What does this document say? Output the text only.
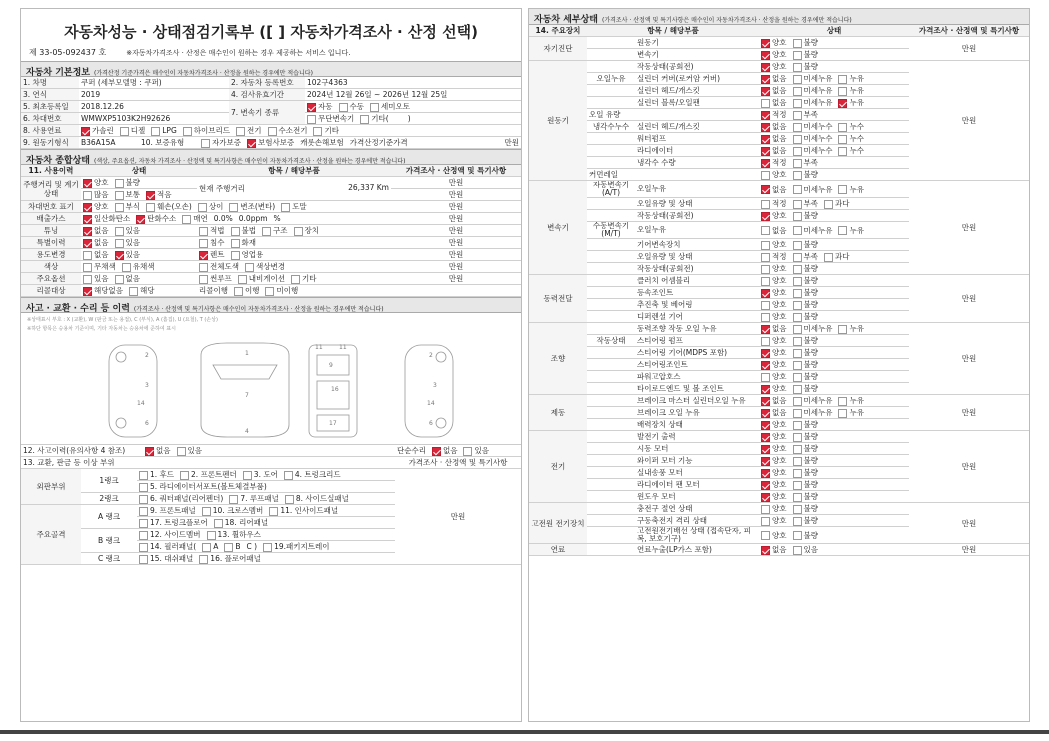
자동차성능 · 상태점검기록부 ([ ] 자동차가격조사 · 산정 선택)
제 33-05-092437 호	※자동차가격조사 · 산정은 매수인이 원하는 경우 제공하는 서비스 입니다.
자동차 기본정보 (가격산정 기준가격은 매수인이 자동차가격조사 · 산정을 원하는 경우에만 적습니다)
1. 차명	쿠퍼 (세부모델명 : 쿠퍼)	2. 자동차 등록번호	102구4363
3. 연식	2019	4. 검사유효기간	2024년 12월 26일 ~ 2026년 12월 25일
5. 최초등록일	2018.12.26	7. 변속기 종류	자동 수동 세미오토
6. 차대번호	WMWXP5103K2H92626		무단변속기 기타( )
8. 사용연료	가솔린 디젤 LPG 하이브리드 전기 수소전기 기타		
9. 원동기형식	B36A15A 10. 보증유형 자가보증 보험사보증 캐롯손해보험 가격산정기준가격 만원		
자동차 종합상태 (색상, 주요옵션, 자동차 가격조사 · 산정액 및 특기사항은 매수인이 자동차가격조사 · 산정을 원하는 경우에만 적습니다)
11. 사용이력	상태	항목 / 해당부품	가격조사 · 산정액 및 특기사항
주행거리 및 계기상태	양호 불량	현재 주행거리 26,337 Km	만원
	많음 보통 적음		만원
차대번호 표기	양호 부식 훼손(오손) 상이 변조(변타) 도말		만원
배출가스	일산화탄소 탄화수소 매연 0.0% 0.0ppm %		만원
튜닝	없음 있음	적법 불법 구조 장치	만원
특별이력	없음 있음	침수 화재	만원
용도변경	없음 있음	렌트 영업용	만원
색상	무채색 유채색	전체도색 색상변경	만원
주요옵션	있음 없음	썬루프 내비게이션 기타	만원
리콜대상	해당없음 해당	리콜이행 이행 미이행	
사고 · 교환 · 수리 등 이력 (가격조사 · 산정액 및 특기사항은 매수인이 자동차가격조사 · 산정을 원하는 경우에만 적습니다)
※상태표시 부호 : X (교환), W (판금 또는 용접), C (부식), A (흠집), U (요철), T (손상)
※하단 항목은 승용차 기준이며, 기타 자동차는 승용차에 준하여 표시
2
3
14
6
1
7
4
11	11
9
16
17
2
3
14
6
12. 사고이력(유의사항 4 참조) 없음 있음			단순수리 없음 있음
13. 교환, 판금 등 이상 부위			가격조사 · 산정액 및 특기사항
외판부위	1랭크	1. 후드 2. 프론트펜더 3. 도어 4. 트렁크리드	만원
		5. 라디에이터서포트(볼트체결부품)	
	2랭크	6. 쿼터패널(리어펜더) 7. 루프패널 8. 사이드실패널	
주요골격	A 랭크	9. 프론트패널 10. 크로스멤버 11. 인사이드패널	
		17. 트렁크플로어 18. 리어패널	
	B 랭크	12. 사이드멤버 13. 휠하우스	
		14. 필러패널( A B C ) 19.패키지트레이	
	C 랭크	15. 대쉬패널 16. 플로어패널	
자동차 세부상태 (가격조사 · 산정액 및 특기사항은 매수인이 자동차가격조사 · 산정을 원하는 경우에만 적습니다)
14. 주요장치	항목 / 해당부품		상태	가격조사 · 산정액 및 특기사항
자기진단		원동기	양호 불량	만원
		변속기	양호 불량	
원동기		작동상태(공회전)	양호 불량	만원
	오일누유	실린더 커버(로커암 커버)	없음 미세누유 누유	
		실린더 헤드/개스킷	없음 미세누유 누유	
		실린더 블록/오일팬	없음 미세누유 누유	
	오일 유량		적정 부족	
	냉각수누수	실린더 헤드/개스킷	없음 미세누수 누수	
		워터펌프	없음 미세누수 누수	
		라디에이터	없음 미세누수 누수	
		냉각수 수량	적정 부족	
	커먼레일		양호 불량	
변속기	자동변속기 (A/T)	오일누유	없음 미세누유 누유	만원
		오일유량 및 상태	적정 부족 과다	
		작동상태(공회전)	양호 불량	
	수동변속기 (M/T)	오일누유	없음 미세누유 누유	
		기어변속장치	양호 불량	
		오일유량 및 상태	적정 부족 과다	
		작동상태(공회전)	양호 불량	
동력전달		클러치 어셈블리	양호 불량	만원
		등속조인트	양호 불량	
		추진축 및 베어링	양호 불량	
		디퍼렌셜 기어	양호 불량	
조향		동력조향 작동 오일 누유	없음 미세누유 누유	만원
	작동상태	스티어링 펌프	양호 불량	
		스티어링 기어(MDPS 포함)	양호 불량	
		스티어링조인트	양호 불량	
		파워고압호스	양호 불량	
		타이로드엔드 및 볼 조인트	양호 불량	
제동		브레이크 마스터 실린더오일 누유	없음 미세누유 누유	만원
		브레이크 오일 누유	없음 미세누유 누유	
		배력장치 상태	양호 불량	
전기		발전기 출력	양호 불량	만원
		시동 모터	양호 불량	
		와이퍼 모터 기능	양호 불량	
		실내송풍 모터	양호 불량	
		라디에이터 팬 모터	양호 불량	
		윈도우 모터	양호 불량	
고전원 전기장치		충전구 절연 상태	양호 불량	만원
		구동축전지 격리 상태	양호 불량	
		고전원전기배선 상태 (접속단자, 피복, 보호기구)	양호 불량	
연료		연료누출(LP가스 포함)	없음 있음	만원
